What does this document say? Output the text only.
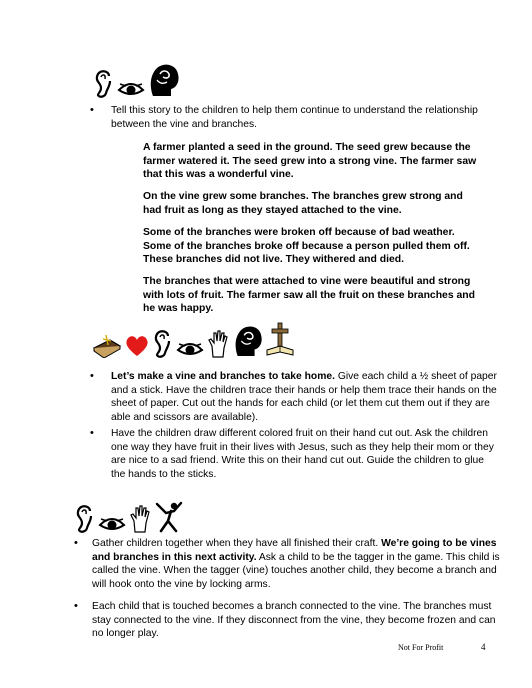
• Tell this story to the children to help them continue to understand the relationship between the vine and branches.

A farmer planted a seed in the ground. The seed grew because the farmer watered it. The seed grew into a strong vine. The farmer saw that this was a wonderful vine.

On the vine grew some branches. The branches grew strong and had fruit as long as they stayed attached to the vine.

Some of the branches were broken off because of bad weather. Some of the branches broke off because a person pulled them off. These branches did not live. They withered and died.

The branches that were attached to vine were beautiful and strong with lots of fruit. The farmer saw all the fruit on these branches and he was happy.

• Let’s make a vine and branches to take home. Give each child a ½ sheet of paper and a stick. Have the children trace their hands or help them trace their hands on the sheet of paper. Cut out the hands for each child (or let them cut them out if they are able and scissors are available).
• Have the children draw different colored fruit on their hand cut out. Ask the children one way they have fruit in their lives with Jesus, such as they help their mom or they are nice to a sad friend. Write this on their hand cut out. Guide the children to glue the hands to the sticks.
• Gather children together when they have all finished their craft. We’re going to be vines and branches in this next activity. Ask a child to be the tagger in the game. This child is called the vine. When the tagger (vine) touches another child, they become a branch and will hook onto the vine by locking arms.
• Each child that is touched becomes a branch connected to the vine. The branches must stay connected to the vine. If they disconnect from the vine, they become frozen and can no longer play.
Not For Profit	4
